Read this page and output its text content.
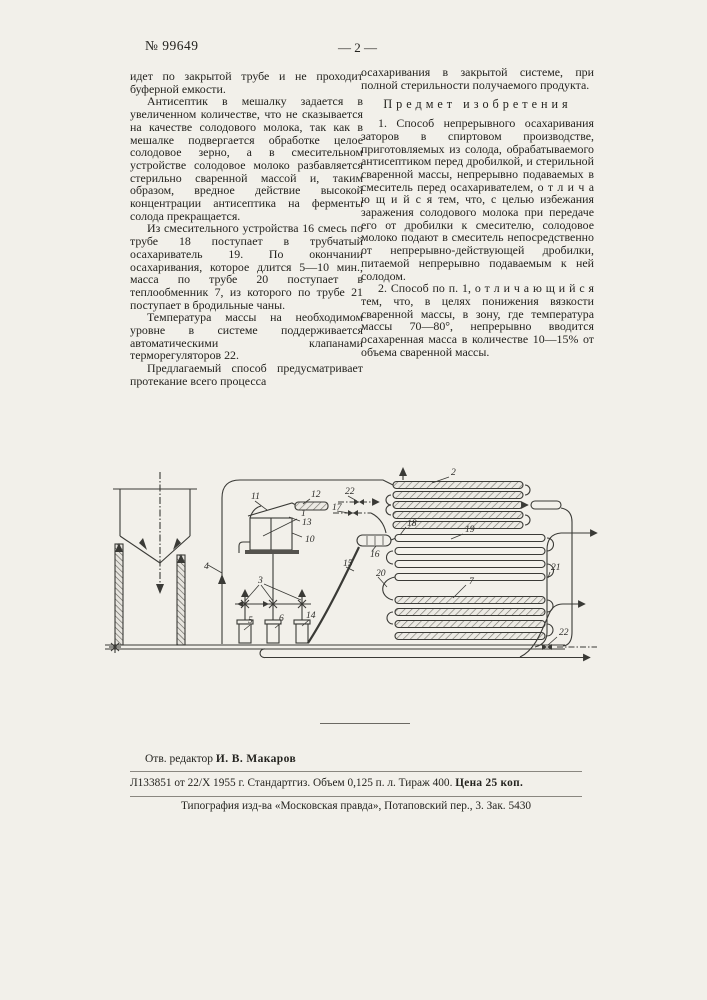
№ 99649	— 2 —

идет по закрытой трубе и не проходит буферной емкости.

Антисептик в мешалку задается в увеличенном количестве, что не сказывается на качестве солодового молока, так как в мешалке подвергается обработке целое солодовое зерно, а в смесительном устройстве солодовое молоко разбавляется стерильно сваренной массой и, таким образом, вредное действие высокой концентрации антисептика на ферменты солода прекращается.

Из смесительного устройства 16 смесь по трубе 18 поступает в трубчатый осахариватель 19. По окончании осахаривания, которое длится 5—10 мин., масса по трубе 20 поступает в теплообменник 7, из которого по трубе 21 поступает в бродильные чаны.

Температура массы на необходимом уровне в системе поддерживается автоматическими клапанами терморегуляторов 22.

Предлагаемый способ предусматривает протекание всего процесса

осахаривания в закрытой системе, при полной стерильности получаемого продукта.

Предмет изобретения

1. Способ непрерывного осахаривания заторов в спиртовом производстве, приготовляемых из солода, обрабатываемого антисептиком перед дробилкой, и стерильной сваренной массы, непрерывно подаваемых в смеситель перед осахаривателем, о т л и ч а ю щ и й с я тем, что, с целью избежания заражения солодового молока при передаче его от дробилки к смесителю, солодовое молоко подают в смеситель непосредственно от непрерывно-действующей дробилки, питаемой непрерывно подаваемым к ней солодом.

2. Способ по п. 1, о т л и ч а ю щ и й с я тем, что, в целях понижения вязкости сваренной массы, в зону, где температура массы 70—80°, непрерывно вводится осахаренная масса в количестве 10—15% от объема сваренной массы.

1
4
10
11	12
13
22
17
2
18
19
16
15
20
7
3
5	6 14
21
22
Отв. редактор И. В. Макаров
Л133851 от 22/X 1955 г. Стандартгиз. Объем 0,125 п. л. Тираж 400. Цена 25 коп.
Типография изд-ва «Московская правда», Потаповский пер., 3. Зак. 5430
